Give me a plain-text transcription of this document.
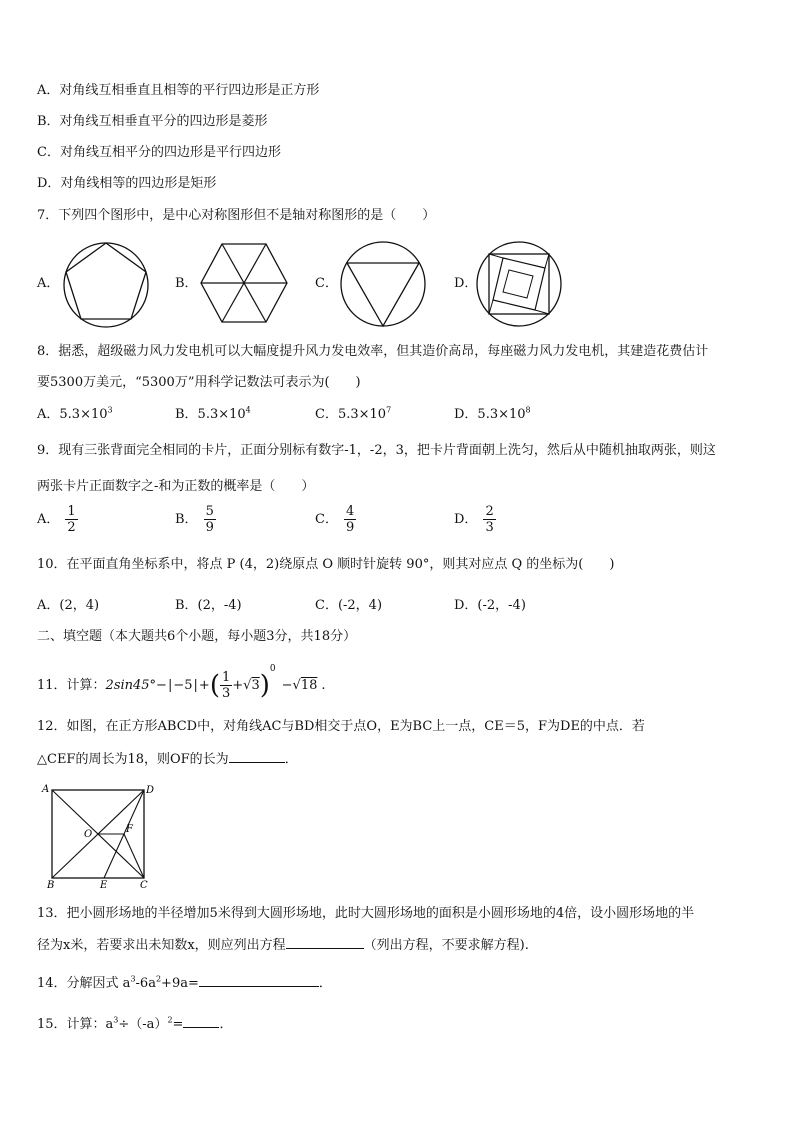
A．对角线互相垂直且相等的平行四边形是正方形
B．对角线互相垂直平分的四边形是菱形
C．对角线互相平分的四边形是平行四边形
D．对角线相等的四边形是矩形
7．下列四个图形中，是中心对称图形但不是轴对称图形的是（　　）
A．	B．	C．	D．
8．据悉，超级磁力风力发电机可以大幅度提升风力发电效率，但其造价高昂，每座磁力风力发电机，其建造花费估计
要5300万美元，“5300万”用科学记数法可表示为(　　)
A．$5.3\times 10^3$	B．$5.3\times 10^4$	C．$5.3\times 10^7$	D．$5.3\times 10^8$
9．现有三张背面完全相同的卡片，正面分别标有数字-1，-2，3，把卡片背面朝上洗匀，然后从中随机抽取两张，则这
两张卡片正面数字之-和为正数的概率是（　　）
A． $\frac{1}{2}$	B． $\frac{5}{9}$	C． $\frac{4}{9}$	D． $\frac{2}{3}$
10．在平面直角坐标系中，将点 P (4，2)绕原点 O 顺时针旋转 90°，则其对应点 Q 的坐标为(　　)
A．(2，4)	B．(2，-4)	C．(-2，4)	D．(-2，-4)
二、填空题（本大题共6个小题，每小题3分，共18分）
11．计算：$2\sin 45^\circ-|-5|+( \frac{1}{3} +√3)^0-√18$ .
12．如图，在正方形ABCD中，对角线AC与BD相交于点O，E为BC上一点，CE＝5，F为DE的中点．若
△CEF的周长为18，则OF的长为	．
A	D
B	C
E
O	F
13．把小圆形场地的半径增加5米得到大圆形场地，此时大圆形场地的面积是小圆形场地的4倍，设小圆形场地的半
径为x米，若要求出未知数x，则应列出方程	（列出方程，不要求解方程).
14．分解因式 $a^3-6a^2+9a=$	．
15．计算：$a^3\div(-a)^2=$	．
